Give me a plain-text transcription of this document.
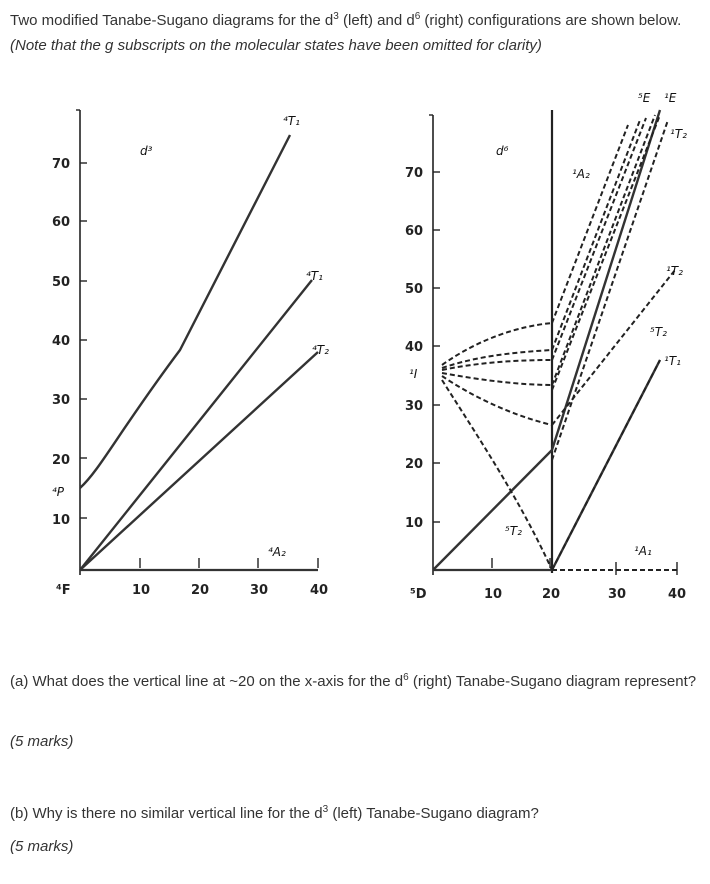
Two modified Tanabe-Sugano diagrams for the $d^3$ (left) and $d^6$ (right) configurations are shown below. (Note that the g subscripts on the molecular states have been omitted for clarity)
70
60
50
40
30
20
10
⁴P
⁴F	10	20	30	40
d³
⁴T₁
⁴T₁
⁴T₂
⁴A₂
70
60
50
40
30
20
10
¹I
⁵D	10	20	30	40
d⁶
⁵E ¹E
¹T₂
¹A₂
¹T₂
⁵T₂
¹T₁
¹A₁
⁵T₂
(a) What does the vertical line at ~20 on the x-axis for the $d^6$ (right) Tanabe-Sugano diagram represent?
(5 marks)
(b) Why is there no similar vertical line for the $d^3$ (left) Tanabe-Sugano diagram?
(5 marks)
